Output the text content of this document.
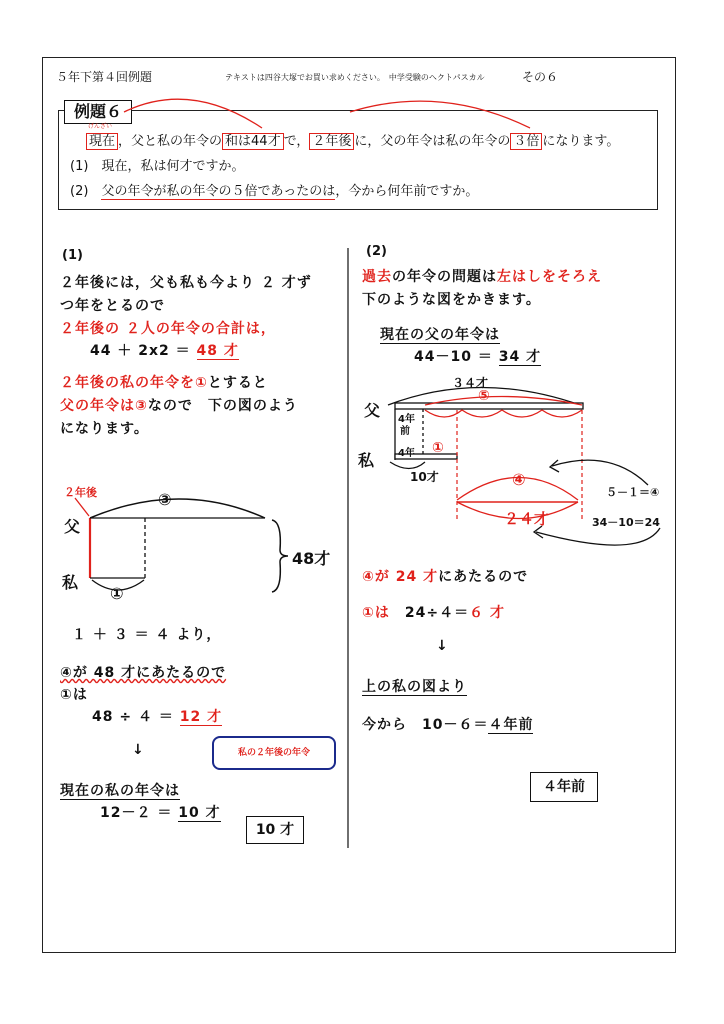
５年下第４回例題	テキストは四谷大塚でお買い求めください。　中学受験のヘクトパスカル	その６
例題６
げんざい
現在 ，父と私の年令の 和は44才 で， ２年後 に，父の年令は私の年令の ３倍 になります。
(1)　 現在，私は何才ですか。
(2)　 父の年令が私の年令の５倍であったのは，今から何年前ですか。
(1)
２年後には，父も私も今より ２ 才ず
つ年をとるので
２年後の ２人の年令の合計は，
44 ＋ 2x2 ＝ 48 才
２年後の私の年令を①とすると
父の年令は③なので　下の図のよう
になります。
２年後
父
私
③
①
48才
１ ＋ ３ ＝ ４ より，
④が 48 才にあたるので
①は
48 ÷ ４ ＝ 12 才
↓	私の２年後の年令
現在の私の年令は
12－２ ＝ 10 才
10 才
(2)
過去の年令の問題は左はしをそろえ
下のような図をかきます。
現在の父の年令は
44－10 ＝ 34 才
３４才
⑤
父
私
4年
前
4年 ①
10才	④
２４才
５－１＝④
34－10＝24
④が 24 才にあたるので
①は　24÷４＝６ 才
↓
上の私の図より
今から　10－６＝４年前
４年前
